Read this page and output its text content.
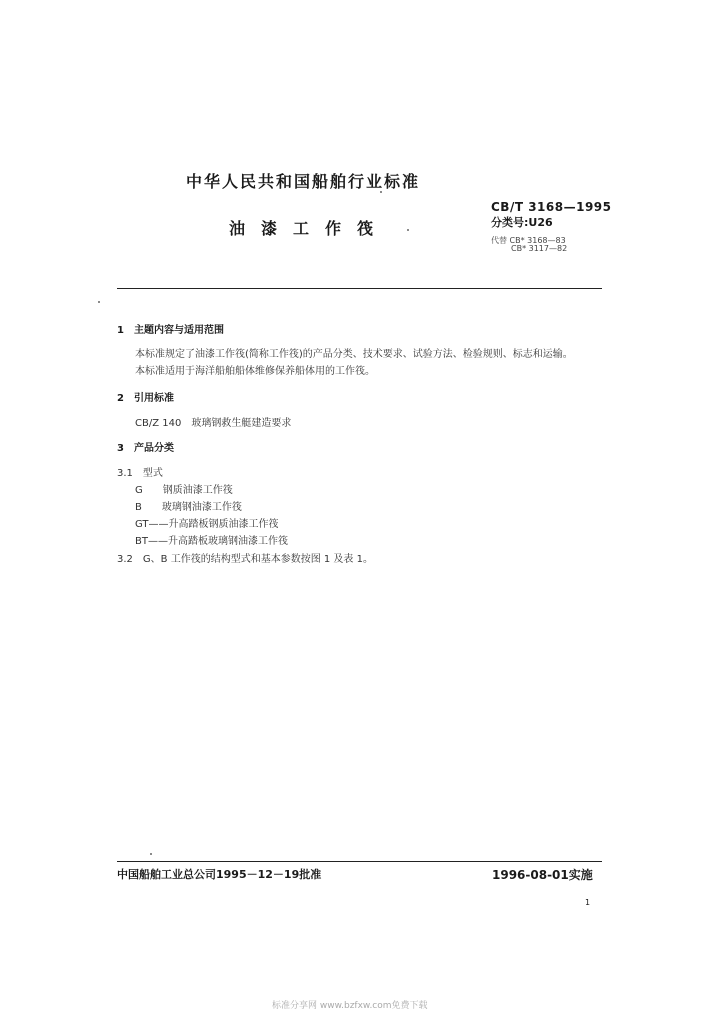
中华人民共和国船舶行业标准
油漆工作筏
CB/T 3168—1995
分类号:U26
代替 CB* 3168—83
CB* 3117—82
1　主题内容与适用范围
本标准规定了油漆工作筏(简称工作筏)的产品分类、技术要求、试验方法、检验规则、标志和运输。
本标准适用于海洋船舶船体维修保养船体用的工作筏。
2　引用标准
CB/Z 140　玻璃钢救生艇建造要求
3　产品分类
3.1　型式
G　　钢质油漆工作筏
B　　玻璃钢油漆工作筏
GT——升高踏板钢质油漆工作筏
BT——升高踏板玻璃钢油漆工作筏
3.2　G、B 工作筏的结构型式和基本参数按图 1 及表 1。
中国船舶工业总公司1995－12－19批准	1996-08-01实施
1
标准分享网 www.bzfxw.com免费下载
